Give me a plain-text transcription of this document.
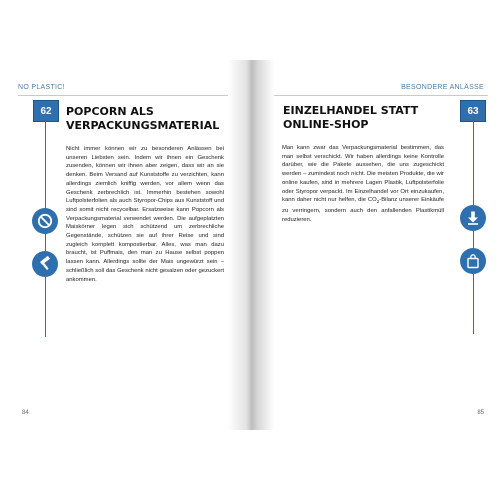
NO PLASTIC!
62	POPCORN ALS
VERPACKUNGSMATERIAL
Nicht immer können wir zu besonderen Anlässen bei unseren Liebsten sein. Indem wir ihnen ein Geschenk zusenden, können wir ihnen aber zeigen, dass wir an sie denken. Beim Versand auf Kunststoffe zu verzichten, kann allerdings ziemlich kniffig werden, vor allem wenn das Geschenk zerbrechlich ist. Immerhin bestehen sowohl Luftpolsterfolien als auch Styropor-Chips aus Kunststoff und sind somit nicht recycelbar. Ersatzweise kann Popcorn als Verpackungsmaterial verwendet werden. Die aufgeplatzten Maiskörner legen sich schützend um zerbrechliche Gegenstände, schützen sie auf ihrer Reise und sind zugleich komplett kompostierbar. Alles, was man dazu braucht, ist Puffmais, den man zu Hause selbst poppen lassen kann. Allerdings sollte der Mais ungewürzt sein – schließlich soll das Geschenk nicht gesalzen oder gezuckert ankommen.
84
BESONDERE ANLÄSSE
63
EINZELHANDEL STATT
ONLINE-SHOP
Man kann zwar das Verpackungsmaterial bestimmen, das man selbst verschickt. Wir haben allerdings keine Kontrolle darüber, wie die Pakete aussehen, die uns zugeschickt werden – zumindest noch nicht. Die meisten Produkte, die wir online kaufen, sind in mehrere Lagen Plastik, Luftpolsterfolie oder Styropor verpackt. Im Einzelhandel vor Ort einzukaufen, kann daher nicht nur helfen, die $CO_2$-Bilanz unserer Einkäufe zu verringern, sondern auch den anfallenden Plastikmüll reduzieren.
85
